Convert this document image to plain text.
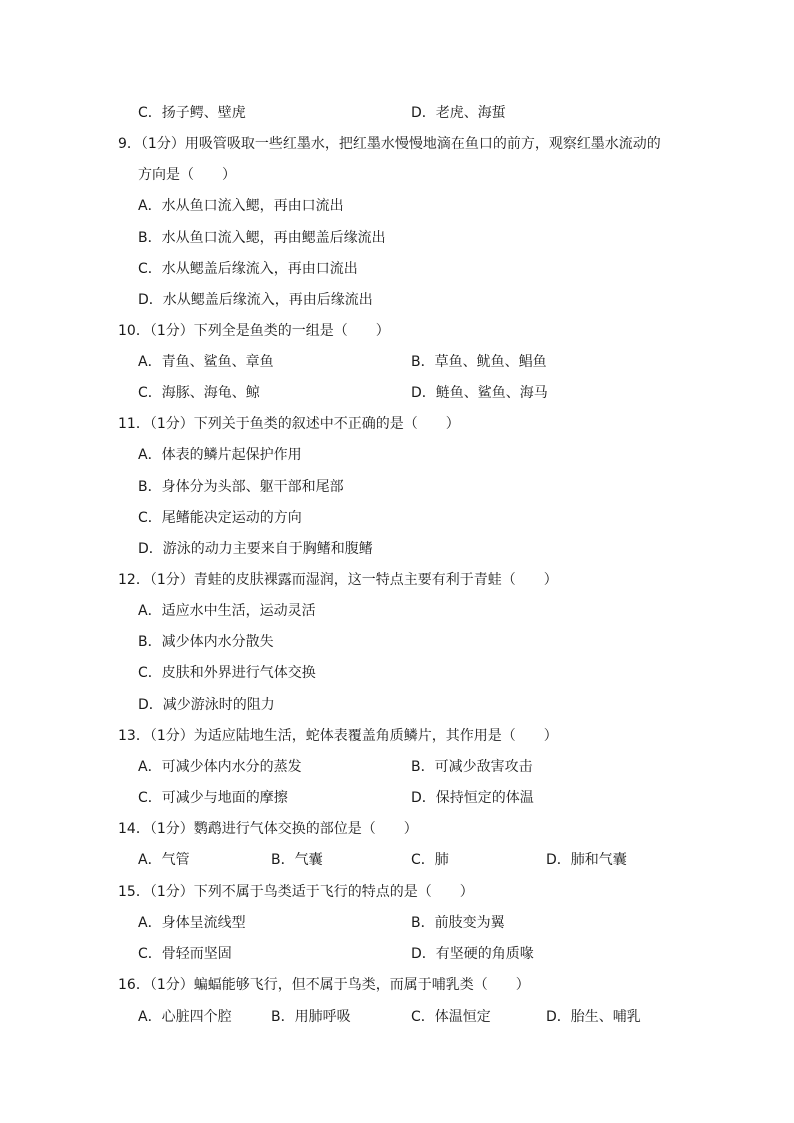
C．扬子鳄、壁虎	D．老虎、海蜇
9．（1分）用吸管吸取一些红墨水，把红墨水慢慢地滴在鱼口的前方，观察红墨水流动的
方向是（　　）
A．水从鱼口流入鳃，再由口流出
B．水从鱼口流入鳃，再由鳃盖后缘流出
C．水从鳃盖后缘流入，再由口流出
D．水从鳃盖后缘流入，再由后缘流出
10．（1分）下列全是鱼类的一组是（　　）
A．青鱼、鲨鱼、章鱼	B．草鱼、鱿鱼、鲳鱼
C．海豚、海龟、鲸	D．鲢鱼、鲨鱼、海马
11．（1分）下列关于鱼类的叙述中不正确的是（　　）
A．体表的鳞片起保护作用
B．身体分为头部、躯干部和尾部
C．尾鳍能决定运动的方向
D．游泳的动力主要来自于胸鳍和腹鳍
12．（1分）青蛙的皮肤裸露而湿润，这一特点主要有利于青蛙（　　）
A．适应水中生活，运动灵活
B．减少体内水分散失
C．皮肤和外界进行气体交换
D．减少游泳时的阻力
13．（1分）为适应陆地生活，蛇体表覆盖角质鳞片，其作用是（　　）
A．可减少体内水分的蒸发	B．可减少敌害攻击
C．可减少与地面的摩擦	D．保持恒定的体温
14．（1分）鹦鹉进行气体交换的部位是（　　）
A．气管	B．气囊	C．肺	D．肺和气囊
15．（1分）下列不属于鸟类适于飞行的特点的是（　　）
A．身体呈流线型	B．前肢变为翼
C．骨轻而坚固	D．有坚硬的角质喙
16．（1分）蝙蝠能够飞行，但不属于鸟类，而属于哺乳类（　　）
A．心脏四个腔	B．用肺呼吸	C．体温恒定	D．胎生、哺乳
